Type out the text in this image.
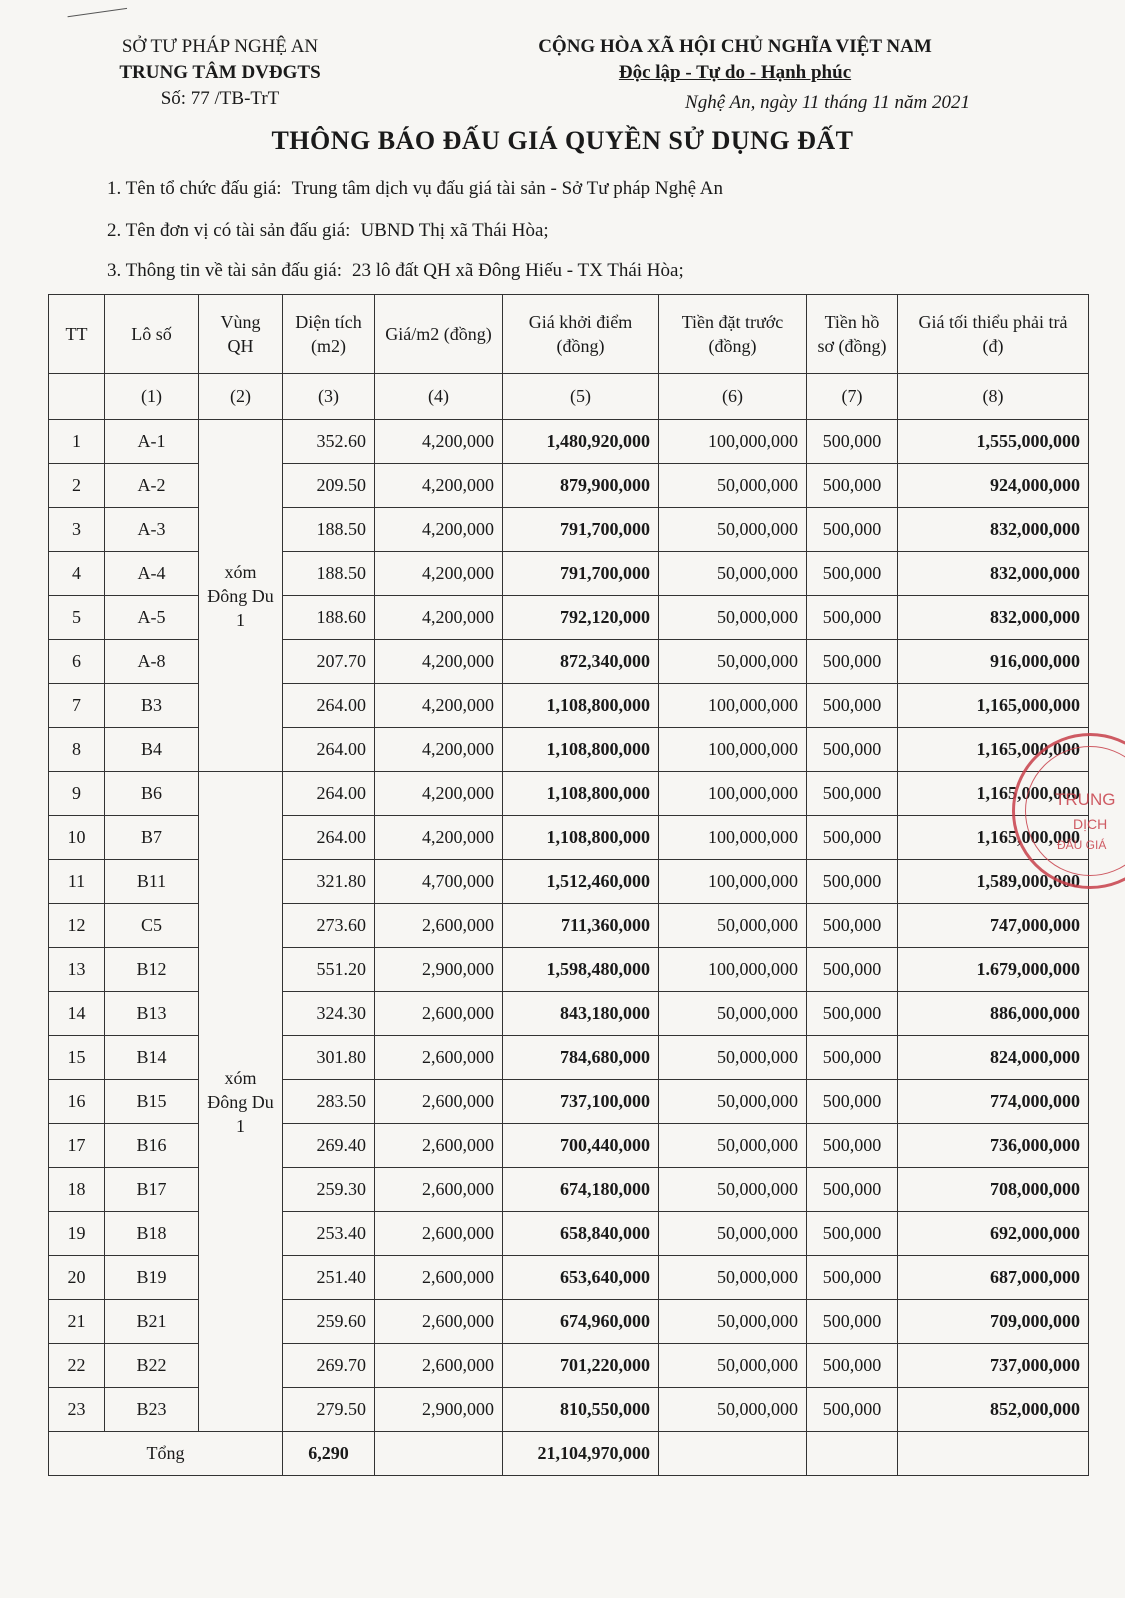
SỞ TƯ PHÁP NGHỆ AN
TRUNG TÂM DVĐGTS
Số: 77 /TB-TrT
CỘNG HÒA XÃ HỘI CHỦ NGHĨA VIỆT NAM
Độc lập - Tự do - Hạnh phúc
Nghệ An, ngày 11 tháng 11 năm 2021
THÔNG BÁO ĐẤU GIÁ QUYỀN SỬ DỤNG ĐẤT
1. Tên tổ chức đấu giá: Trung tâm dịch vụ đấu giá tài sản - Sở Tư pháp Nghệ An
2. Tên đơn vị có tài sản đấu giá: UBND Thị xã Thái Hòa;
3. Thông tin về tài sản đấu giá: 23 lô đất QH xã Đông Hiếu - TX Thái Hòa;
TT	Lô số	Vùng QH	Diện tích (m2)	Giá/m2 (đồng)	Giá khởi điểm (đồng)	Tiền đặt trước (đồng)	Tiền hồ sơ (đồng)	Giá tối thiểu phải trả (đ)
	(1)	(2)	(3)	(4)	(5)	(6)	(7)	(8)
1	A-1	xóm Đông Du 1	352.60	4,200,000	1,480,920,000	100,000,000	500,000	1,555,000,000
2	A-2		209.50	4,200,000	879,900,000	50,000,000	500,000	924,000,000
3	A-3		188.50	4,200,000	791,700,000	50,000,000	500,000	832,000,000
4	A-4		188.50	4,200,000	791,700,000	50,000,000	500,000	832,000,000
5	A-5		188.60	4,200,000	792,120,000	50,000,000	500,000	832,000,000
6	A-8		207.70	4,200,000	872,340,000	50,000,000	500,000	916,000,000
7	B3		264.00	4,200,000	1,108,800,000	100,000,000	500,000	1,165,000,000
8	B4		264.00	4,200,000	1,108,800,000	100,000,000	500,000	1,165,000,000
9	B6	xóm Đông Du 1	264.00	4,200,000	1,108,800,000	100,000,000	500,000	1,165,000,000
10	B7		264.00	4,200,000	1,108,800,000	100,000,000	500,000	1,165,000,000
11	B11		321.80	4,700,000	1,512,460,000	100,000,000	500,000	1,589,000,000
12	C5		273.60	2,600,000	711,360,000	50,000,000	500,000	747,000,000
13	B12		551.20	2,900,000	1,598,480,000	100,000,000	500,000	1.679,000,000
14	B13		324.30	2,600,000	843,180,000	50,000,000	500,000	886,000,000
15	B14		301.80	2,600,000	784,680,000	50,000,000	500,000	824,000,000
16	B15		283.50	2,600,000	737,100,000	50,000,000	500,000	774,000,000
17	B16		269.40	2,600,000	700,440,000	50,000,000	500,000	736,000,000
18	B17		259.30	2,600,000	674,180,000	50,000,000	500,000	708,000,000
19	B18		253.40	2,600,000	658,840,000	50,000,000	500,000	692,000,000
20	B19		251.40	2,600,000	653,640,000	50,000,000	500,000	687,000,000
21	B21		259.60	2,600,000	674,960,000	50,000,000	500,000	709,000,000
22	B22		269.70	2,600,000	701,220,000	50,000,000	500,000	737,000,000
23	B23		279.50	2,900,000	810,550,000	50,000,000	500,000	852,000,000
Tổng			6,290		21,104,970,000			
TRUNG
DỊCH
ĐẤU GIÁ
